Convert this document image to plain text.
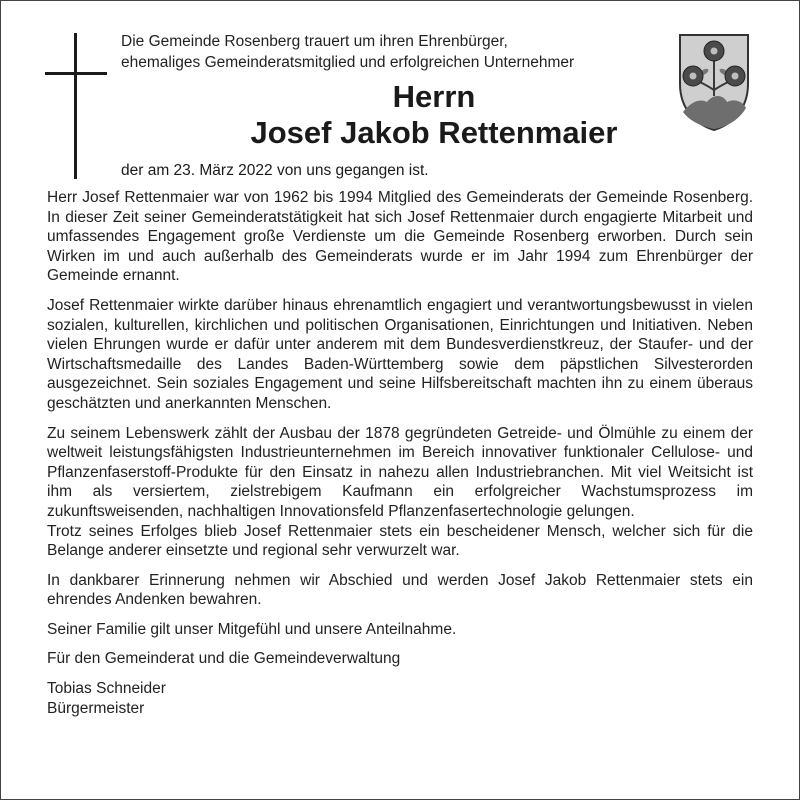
Die Gemeinde Rosenberg trauert um ihren Ehrenbürger,
ehemaliges Gemeinderatsmitglied und erfolgreichen Unternehmer
Herrn
Josef Jakob Rettenmaier
der am 23. März 2022 von uns gegangen ist.

Herr Josef Rettenmaier war von 1962 bis 1994 Mitglied des Gemeinderats der Gemeinde Rosenberg. In dieser Zeit seiner Gemeinderatstätigkeit hat sich Josef Rettenmaier durch engagierte Mitarbeit und umfassendes Engagement große Verdienste um die Gemeinde Rosenberg erworben. Durch sein Wirken im und auch außerhalb des Gemeinderats wurde er im Jahr 1994 zum Ehrenbürger der Gemeinde ernannt.

Josef Rettenmaier wirkte darüber hinaus ehrenamtlich engagiert und verantwortungsbewusst in vielen sozialen, kulturellen, kirchlichen und politischen Organisationen, Einrichtungen und Initiativen. Neben vielen Ehrungen wurde er dafür unter anderem mit dem Bundesverdienstkreuz, der Staufer- und der Wirtschaftsmedaille des Landes Baden-Württemberg sowie dem päpstlichen Silvesterorden ausgezeichnet. Sein soziales Engagement und seine Hilfsbereitschaft machten ihn zu einem überaus geschätzten und anerkannten Menschen.

Zu seinem Lebenswerk zählt der Ausbau der 1878 gegründeten Getreide- und Ölmühle zu einem der weltweit leistungsfähigsten Industrieunternehmen im Bereich innovativer funktionaler Cellulose- und Pflanzenfaserstoff-Produkte für den Einsatz in nahezu allen Industriebranchen. Mit viel Weitsicht ist ihm als versiertem, zielstrebigem Kaufmann ein erfolgreicher Wachstumsprozess im zukunftsweisenden, nachhaltigen Innovationsfeld Pflanzenfasertechnologie gelungen.

Trotz seines Erfolges blieb Josef Rettenmaier stets ein bescheidener Mensch, welcher sich für die Belange anderer einsetzte und regional sehr verwurzelt war.

In dankbarer Erinnerung nehmen wir Abschied und werden Josef Jakob Rettenmaier stets ein ehrendes Andenken bewahren.

Seiner Familie gilt unser Mitgefühl und unsere Anteilnahme.

Für den Gemeinderat und die Gemeindeverwaltung

Tobias Schneider
Bürgermeister
